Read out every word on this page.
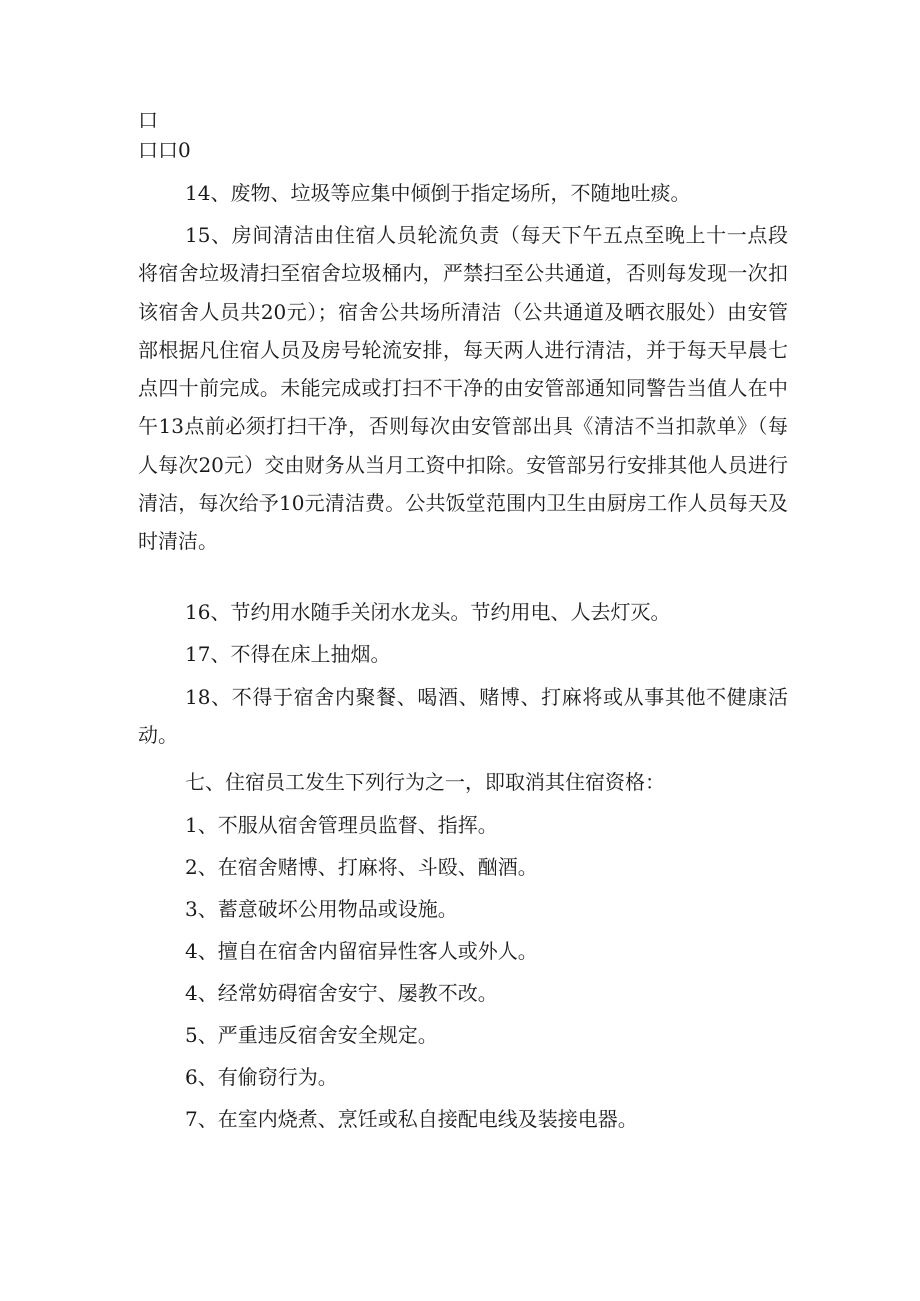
口
口口0
14、废物、垃圾等应集中倾倒于指定场所，不随地吐痰。
15、房间清洁由住宿人员轮流负责（每天下午五点至晚上十一点段将宿舍垃圾清扫至宿舍垃圾桶内，严禁扫至公共通道，否则每发现一次扣该宿舍人员共20元）；宿舍公共场所清洁（公共通道及晒衣服处）由安管部根据凡住宿人员及房号轮流安排，每天两人进行清洁，并于每天早晨七点四十前完成。未能完成或打扫不干净的由安管部通知同警告当值人在中午13点前必须打扫干净，否则每次由安管部出具《清洁不当扣款单》（每人每次20元）交由财务从当月工资中扣除。安管部另行安排其他人员进行清洁，每次给予10元清洁费。公共饭堂范围内卫生由厨房工作人员每天及时清洁。
16、节约用水随手关闭水龙头。节约用电、人去灯灭。
17、不得在床上抽烟。
18、不得于宿舍内聚餐、喝酒、赌博、打麻将或从事其他不健康活动。
七、住宿员工发生下列行为之一，即取消其住宿资格：
1、不服从宿舍管理员监督、指挥。
2、在宿舍赌博、打麻将、斗殴、酗酒。
3、蓄意破坏公用物品或设施。
4、擅自在宿舍内留宿异性客人或外人。
4、经常妨碍宿舍安宁、屡教不改。
5、严重违反宿舍安全规定。
6、有偷窃行为。
7、在室内烧煮、烹饪或私自接配电线及装接电器。
